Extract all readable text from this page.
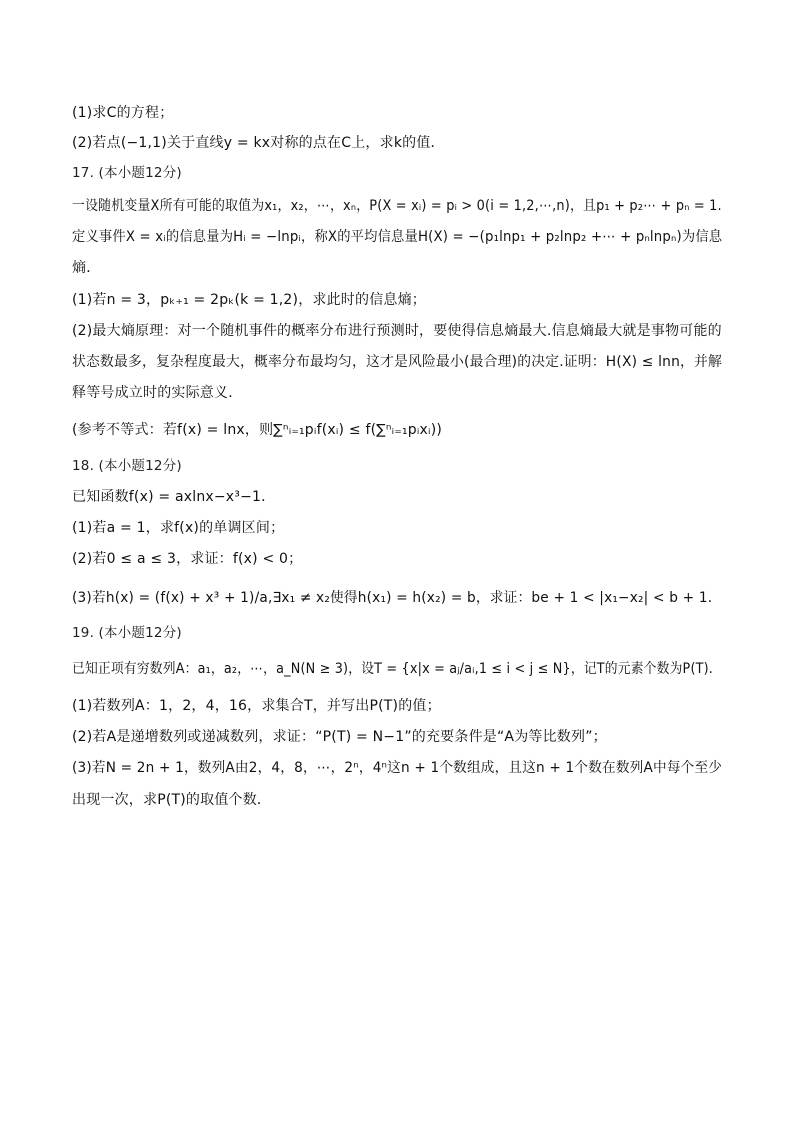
(1)求C的方程；
(2)若点(−1,1)关于直线y = kx对称的点在C上，求k的值．
17. (本小题12分)
一设随机变量X所有可能的取值为x₁，x₂，⋯，xₙ，P(X = xᵢ) = pᵢ > 0(i = 1,2,⋯,n)，且p₁ + p₂⋯ + pₙ = 1.
定义事件X = xᵢ的信息量为Hᵢ = −lnpᵢ，称X的平均信息量H(X) = −(p₁lnp₁ + p₂lnp₂ +⋯ + pₙlnpₙ)为信息
熵．
(1)若n = 3，pₖ₊₁ = 2pₖ(k = 1,2)，求此时的信息熵；
(2)最大熵原理：对一个随机事件的概率分布进行预测时，要使得信息熵最大.信息熵最大就是事物可能的
状态数最多，复杂程度最大，概率分布最均匀，这才是风险最小(最合理)的决定.证明：H(X) ≤ lnn，并解
释等号成立时的实际意义．
(参考不等式：若f(x) = lnx，则∑ⁿᵢ₌₁pᵢf(xᵢ) ≤ f(∑ⁿᵢ₌₁pᵢxᵢ))
18. (本小题12分)
已知函数f(x) = axlnx−x³−1．
(1)若a = 1，求f(x)的单调区间；
(2)若0 ≤ a ≤ 3，求证：f(x) < 0；
(3)若h(x) = (f(x) + x³ + 1)/a,∃x₁ ≠ x₂使得h(x₁) = h(x₂) = b，求证：be + 1 < |x₁−x₂| < b + 1．
19. (本小题12分)
已知正项有穷数列A：a₁，a₂，⋯，a_N(N ≥ 3)，设T = {x|x = aⱼ/aᵢ,1 ≤ i < j ≤ N}，记T的元素个数为P(T)．
(1)若数列A：1，2，4，16，求集合T，并写出P(T)的值；
(2)若A是递增数列或递减数列，求证：“P(T) = N−1”的充要条件是“A为等比数列”；
(3)若N = 2n + 1，数列A由2，4，8，⋯，2ⁿ，4ⁿ这n + 1个数组成，且这n + 1个数在数列A中每个至少
出现一次，求P(T)的取值个数．
